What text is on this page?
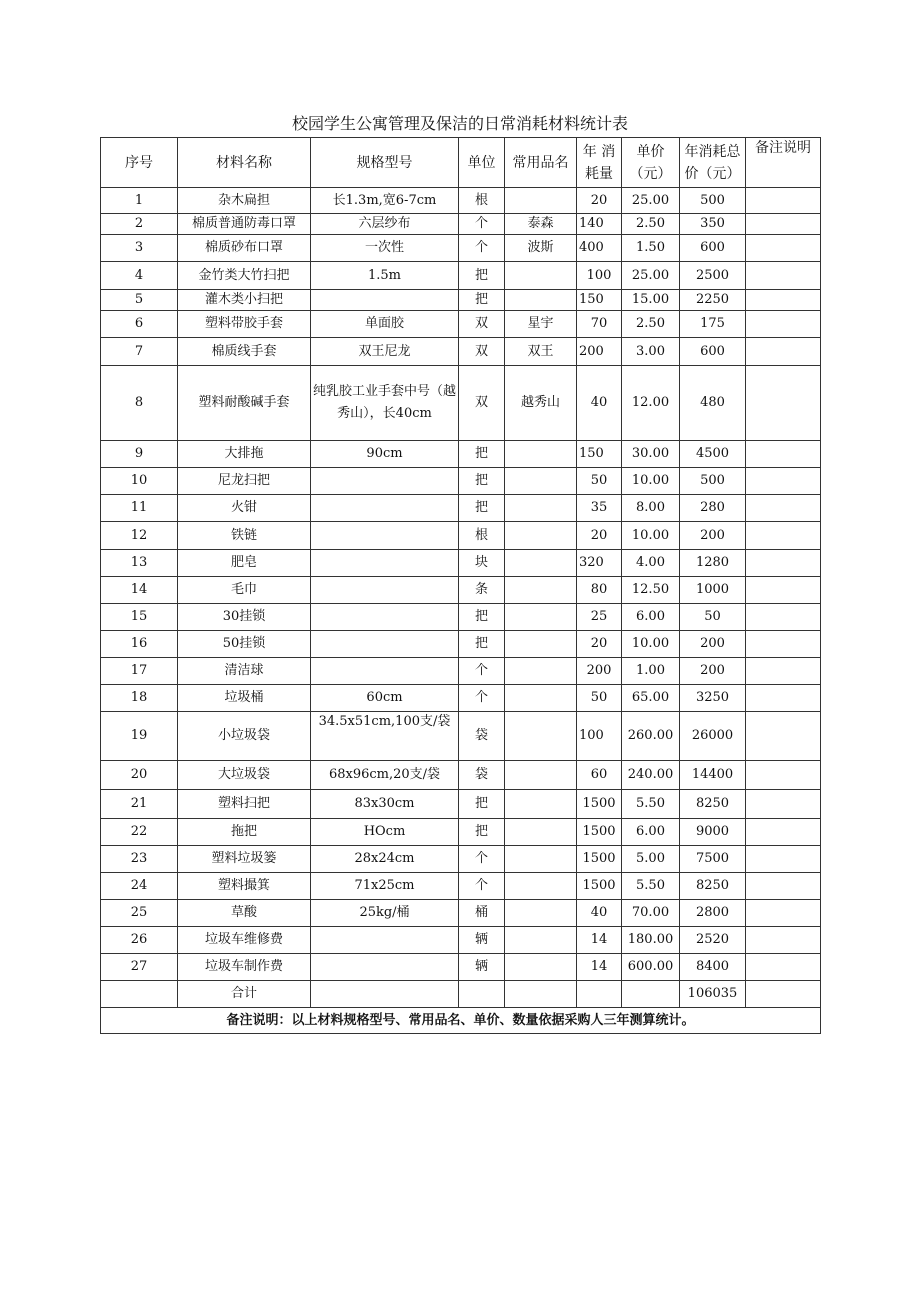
校园学生公寓管理及保洁的日常消耗材料统计表
序号	材料名称	规格型号	单位	常用品名	年 消 耗量	单价（元）	年消耗总价（元）	备注说明
1	杂木扁担	长1.3m,宽6-7cm	根		20	25.00	500	
2	棉质普通防毒口罩	六层纱布	个	泰森	140	2.50	350	
3	棉质砂布口罩	一次性	个	波斯	400	1.50	600	
4	金竹类大竹扫把	1.5m	把		100	25.00	2500	
5	灌木类小扫把		把		150	15.00	2250	
6	塑料带胶手套	单面胶	双	星宇	70	2.50	175	
7	棉质线手套	双王尼龙	双	双王	200	3.00	600	
8	塑料耐酸碱手套	纯乳胶工业手套中号（越秀山），长40cm	双	越秀山	40	12.00	480	
9	大排拖	90cm	把		150	30.00	4500	
10	尼龙扫把		把		50	10.00	500	
11	火钳		把		35	8.00	280	
12	铁链		根		20	10.00	200	
13	肥皂		块		320	4.00	1280	
14	毛巾		条		80	12.50	1000	
15	30挂锁		把		25	6.00	50	
16	50挂锁		把		20	10.00	200	
17	清洁球		个		200	1.00	200	
18	垃圾桶	60cm	个		50	65.00	3250	
19	小垃圾袋	34.5x51cm,100支/袋	袋		100	260.00	26000	
20	大垃圾袋	68x96cm,20支/袋	袋		60	240.00	14400	
21	塑料扫把	83x30cm	把		1500	5.50	8250	
22	拖把	HOcm	把		1500	6.00	9000	
23	塑料垃圾篓	28x24cm	个		1500	5.00	7500	
24	塑料撮箕	71x25cm	个		1500	5.50	8250	
25	草酸	25kg/桶	桶		40	70.00	2800	
26	垃圾车维修费		辆		14	180.00	2520	
27	垃圾车制作费		辆		14	600.00	8400	
	合计						106035	
备注说明：以上材料规格型号、常用品名、单价、数量依据采购人三年测算统计。								
